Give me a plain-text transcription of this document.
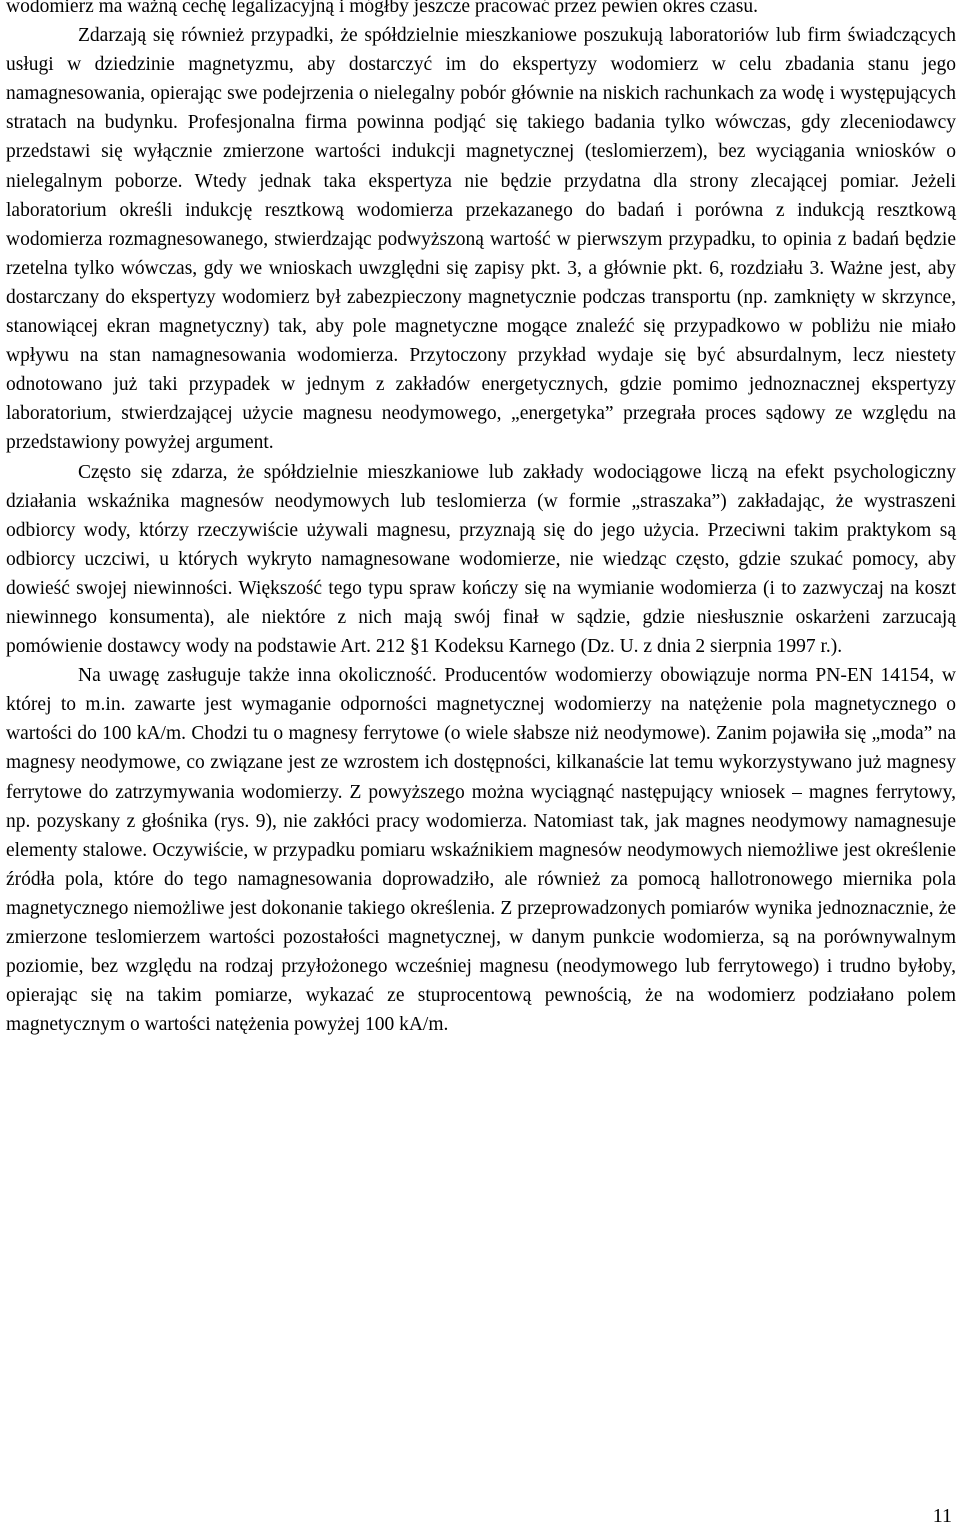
wodomierz ma ważną cechę legalizacyjną i mógłby jeszcze pracować przez pewien okres czasu.

Zdarzają się również przypadki, że spółdzielnie mieszkaniowe poszukują laboratoriów lub firm świadczących usługi w dziedzinie magnetyzmu, aby dostarczyć im do ekspertyzy wodomierz w celu zbadania stanu jego namagnesowania, opierając swe podejrzenia o nielegalny pobór głównie na niskich rachunkach za wodę i występujących stratach na budynku. Profesjonalna firma powinna podjąć się takiego badania tylko wówczas, gdy zleceniodawcy przedstawi się wyłącznie zmierzone wartości indukcji magnetycznej (teslomierzem), bez wyciągania wniosków o nielegalnym poborze. Wtedy jednak taka ekspertyza nie będzie przydatna dla strony zlecającej pomiar. Jeżeli laboratorium określi indukcję resztkową wodomierza przekazanego do badań i porówna z indukcją resztkową wodomierza rozmagnesowanego, stwierdzając podwyższoną wartość w pierwszym przypadku, to opinia z badań będzie rzetelna tylko wówczas, gdy we wnioskach uwzględni się zapisy pkt. 3, a głównie pkt. 6, rozdziału 3. Ważne jest, aby dostarczany do ekspertyzy wodomierz był zabezpieczony magnetycznie podczas transportu (np. zamknięty w skrzynce, stanowiącej ekran magnetyczny) tak, aby pole magnetyczne mogące znaleźć się przypadkowo w pobliżu nie miało wpływu na stan namagnesowania wodomierza. Przytoczony przykład wydaje się być absurdalnym, lecz niestety odnotowano już taki przypadek w jednym z zakładów energetycznych, gdzie pomimo jednoznacznej ekspertyzy laboratorium, stwierdzającej użycie magnesu neodymowego, „energetyka” przegrała proces sądowy ze względu na przedstawiony powyżej argument.

Często się zdarza, że spółdzielnie mieszkaniowe lub zakłady wodociągowe liczą na efekt psychologiczny działania wskaźnika magnesów neodymowych lub teslomierza (w formie „straszaka”) zakładając, że wystraszeni odbiorcy wody, którzy rzeczywiście używali magnesu, przyznają się do jego użycia. Przeciwni takim praktykom są odbiorcy uczciwi, u których wykryto namagnesowane wodomierze, nie wiedząc często, gdzie szukać pomocy, aby dowieść swojej niewinności. Większość tego typu spraw kończy się na wymianie wodomierza (i to zazwyczaj na koszt niewinnego konsumenta), ale niektóre z nich mają swój finał w sądzie, gdzie niesłusznie oskarżeni zarzucają pomówienie dostawcy wody na podstawie Art. 212 §1 Kodeksu Karnego (Dz. U. z dnia 2 sierpnia 1997 r.).

Na uwagę zasługuje także inna okoliczność. Producentów wodomierzy obowiązuje norma PN-EN 14154, w której to m.in. zawarte jest wymaganie odporności magnetycznej wodomierzy na natężenie pola magnetycznego o wartości do 100 kA/m. Chodzi tu o magnesy ferrytowe (o wiele słabsze niż neodymowe). Zanim pojawiła się „moda” na magnesy neodymowe, co związane jest ze wzrostem ich dostępności, kilkanaście lat temu wykorzystywano już magnesy ferrytowe do zatrzymywania wodomierzy. Z powyższego można wyciągnąć następujący wniosek – magnes ferrytowy, np. pozyskany z głośnika (rys. 9), nie zakłóci pracy wodomierza. Natomiast tak, jak magnes neodymowy namagnesuje elementy stalowe. Oczywiście, w przypadku pomiaru wskaźnikiem magnesów neodymowych niemożliwe jest określenie źródła pola, które do tego namagnesowania doprowadziło, ale również za pomocą hallotronowego miernika pola magnetycznego niemożliwe jest dokonanie takiego określenia. Z przeprowadzonych pomiarów wynika jednoznacznie, że zmierzone teslomierzem wartości pozostałości magnetycznej, w danym punkcie wodomierza, są na porównywalnym poziomie, bez względu na rodzaj przyłożonego wcześniej magnesu (neodymowego lub ferrytowego) i trudno byłoby, opierając się na takim pomiarze, wykazać ze stuprocentową pewnością, że na wodomierz podziałano polem magnetycznym o wartości natężenia powyżej 100 kA/m.

11
